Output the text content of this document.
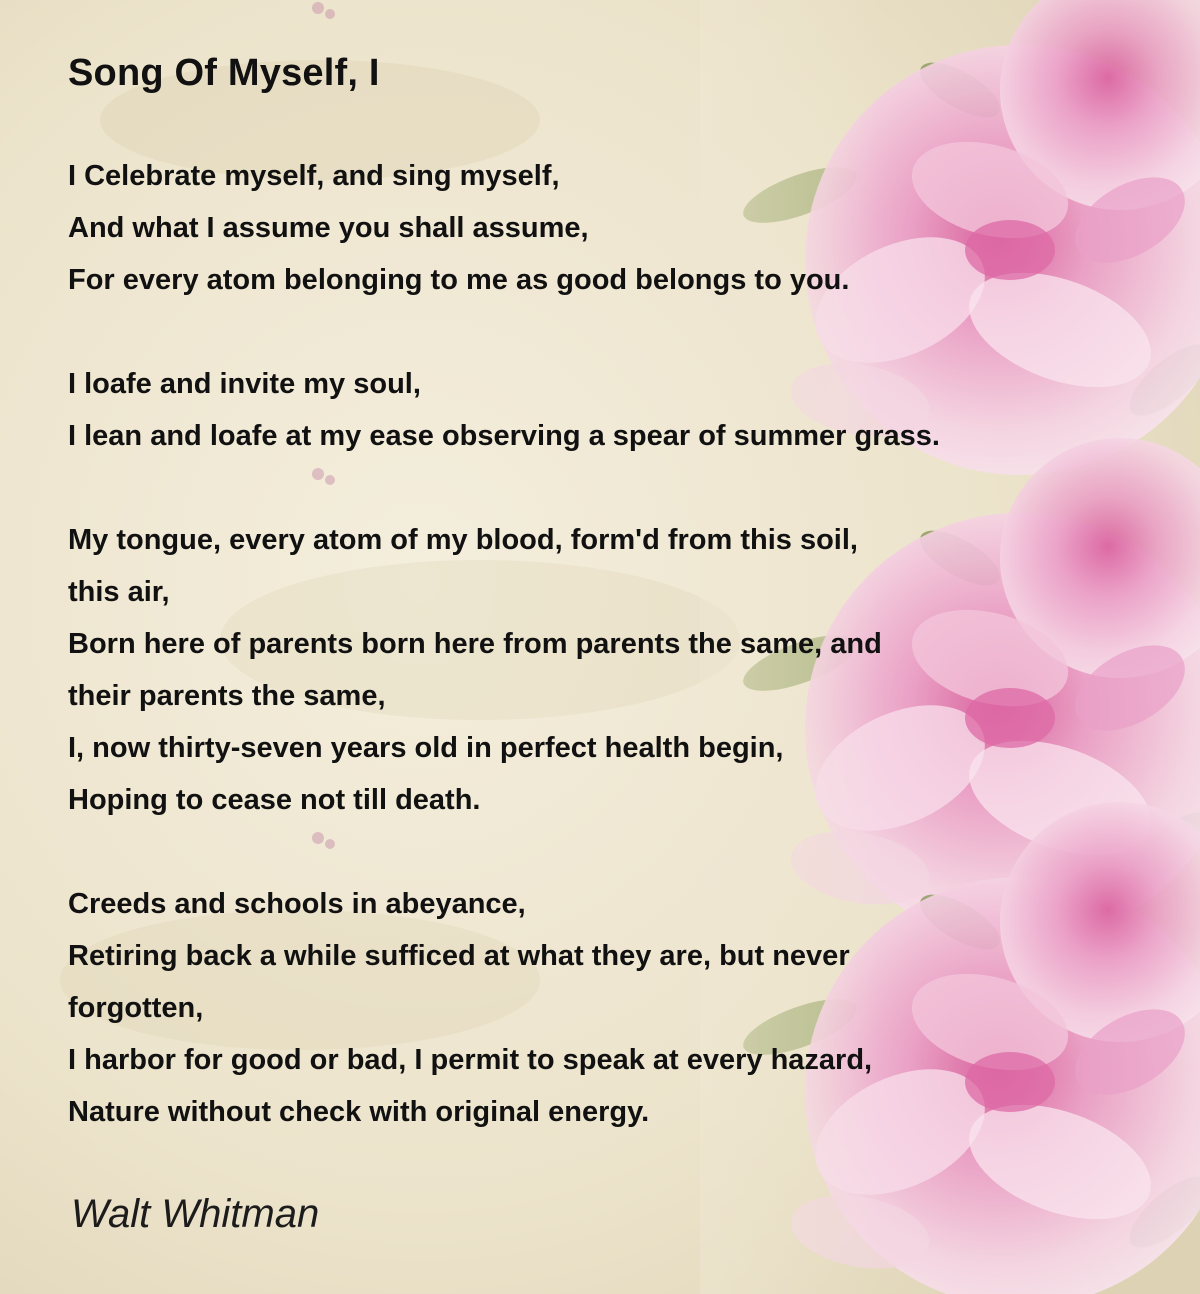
Song Of Myself, I
I Celebrate myself, and sing myself,
And what I assume you shall assume,
For every atom belonging to me as good belongs to you.
I loafe and invite my soul,
I lean and loafe at my ease observing a spear of summer grass.
My tongue, every atom of my blood, form'd from this soil,
this air,
Born here of parents born here from parents the same, and
their parents the same,
I, now thirty-seven years old in perfect health begin,
Hoping to cease not till death.
Creeds and schools in abeyance,
Retiring back a while sufficed at what they are, but never
forgotten,
I harbor for good or bad, I permit to speak at every hazard,
Nature without check with original energy.
Walt Whitman
